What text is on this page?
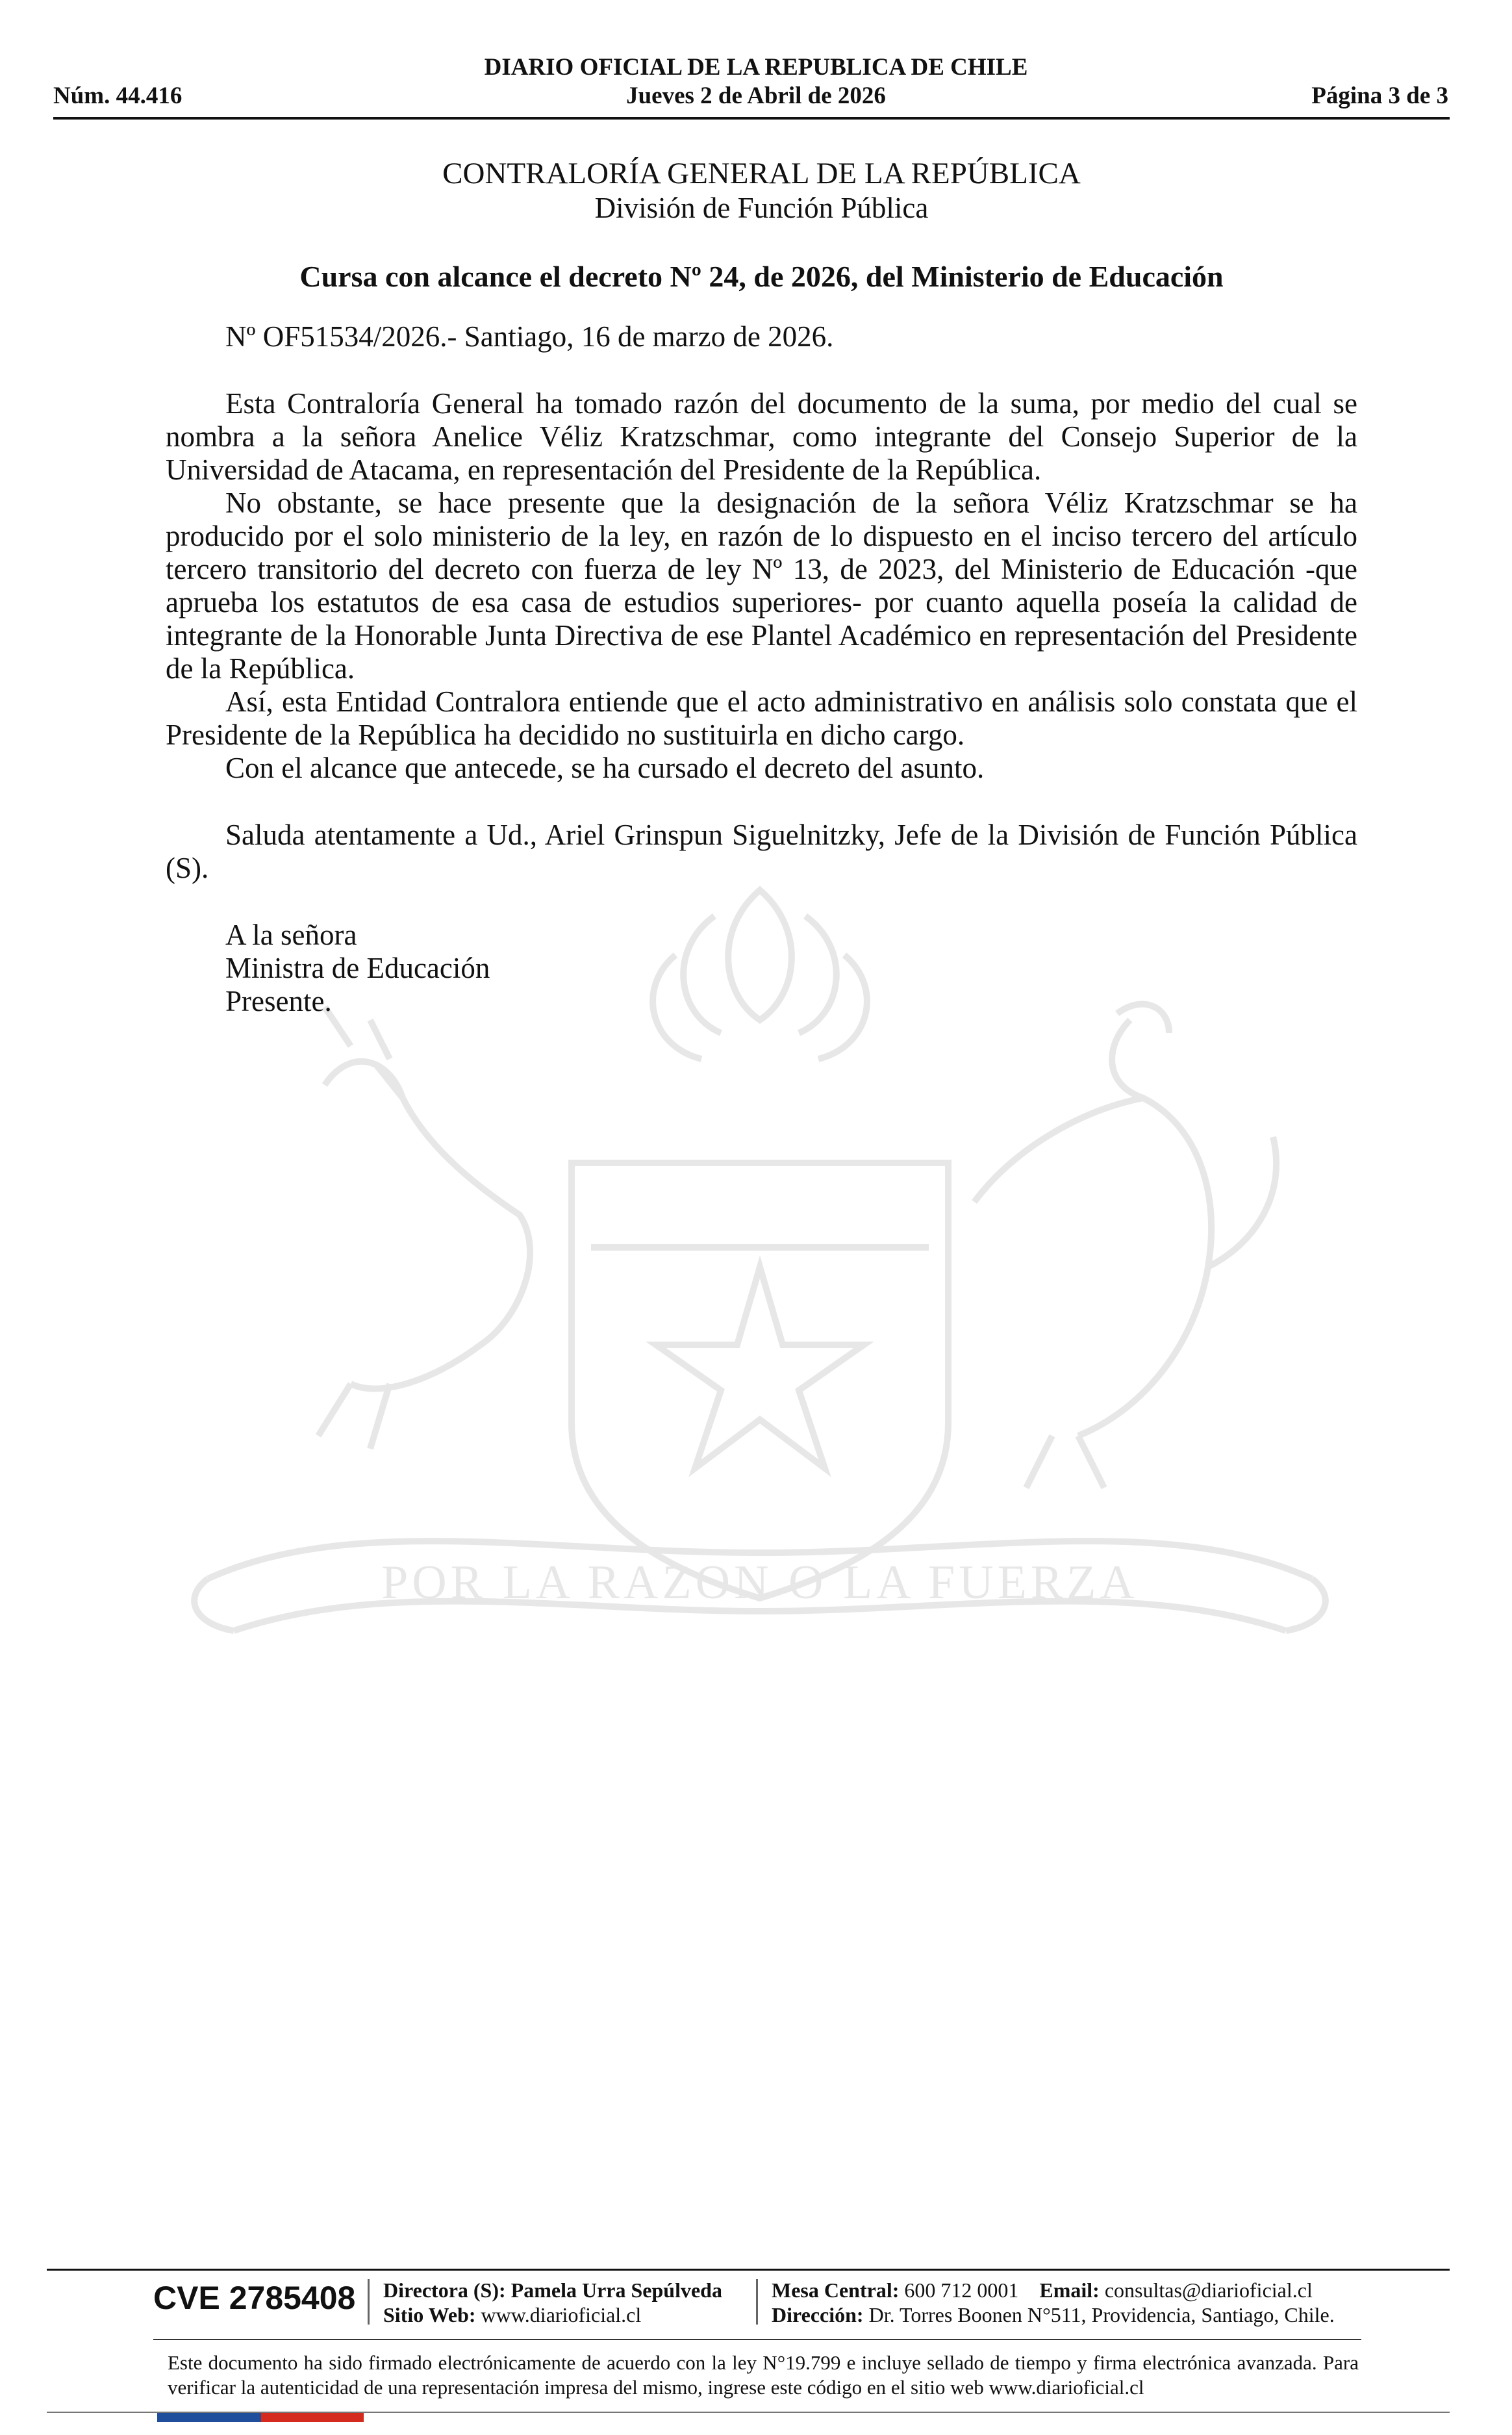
DIARIO OFICIAL DE LA REPUBLICA DE CHILE
Núm. 44.416	Jueves 2 de Abril de 2026	Página 3 de 3
POR LA RAZON O LA FUERZA
CONTRALORÍA GENERAL DE LA REPÚBLICA
División de Función Pública
Cursa con alcance el decreto Nº 24, de 2026, del Ministerio de Educación
Nº OF51534/2026.- Santiago, 16 de marzo de 2026.

Esta Contraloría General ha tomado razón del documento de la suma, por medio del cual se nombra a la señora Anelice Véliz Kratzschmar, como integrante del Consejo Superior de la Universidad de Atacama, en representación del Presidente de la República.

No obstante, se hace presente que la designación de la señora Véliz Kratzschmar se ha producido por el solo ministerio de la ley, en razón de lo dispuesto en el inciso tercero del artículo tercero transitorio del decreto con fuerza de ley Nº 13, de 2023, del Ministerio de Educación -que aprueba los estatutos de esa casa de estudios superiores- por cuanto aquella poseía la calidad de integrante de la Honorable Junta Directiva de ese Plantel Académico en representación del Presidente de la República.

Así, esta Entidad Contralora entiende que el acto administrativo en análisis solo constata que el Presidente de la República ha decidido no sustituirla en dicho cargo.

Con el alcance que antecede, se ha cursado el decreto del asunto.

Saluda atentamente a Ud., Ariel Grinspun Siguelnitzky, Jefe de la División de Función Pública (S).

A la señora
Ministra de Educación
Presente.
CVE 2785408 Directora (S): Pamela Urra Sepúlveda
Sitio Web: www.diarioficial.cl
Mesa Central: 600 712 0001 Email: consultas@diarioficial.cl
Dirección: Dr. Torres Boonen N°511, Providencia, Santiago, Chile.
Este documento ha sido firmado electrónicamente de acuerdo con la ley N°19.799 e incluye sellado de tiempo y firma electrónica avanzada. Para verificar la autenticidad de una representación impresa del mismo, ingrese este código en el sitio web www.diarioficial.cl
